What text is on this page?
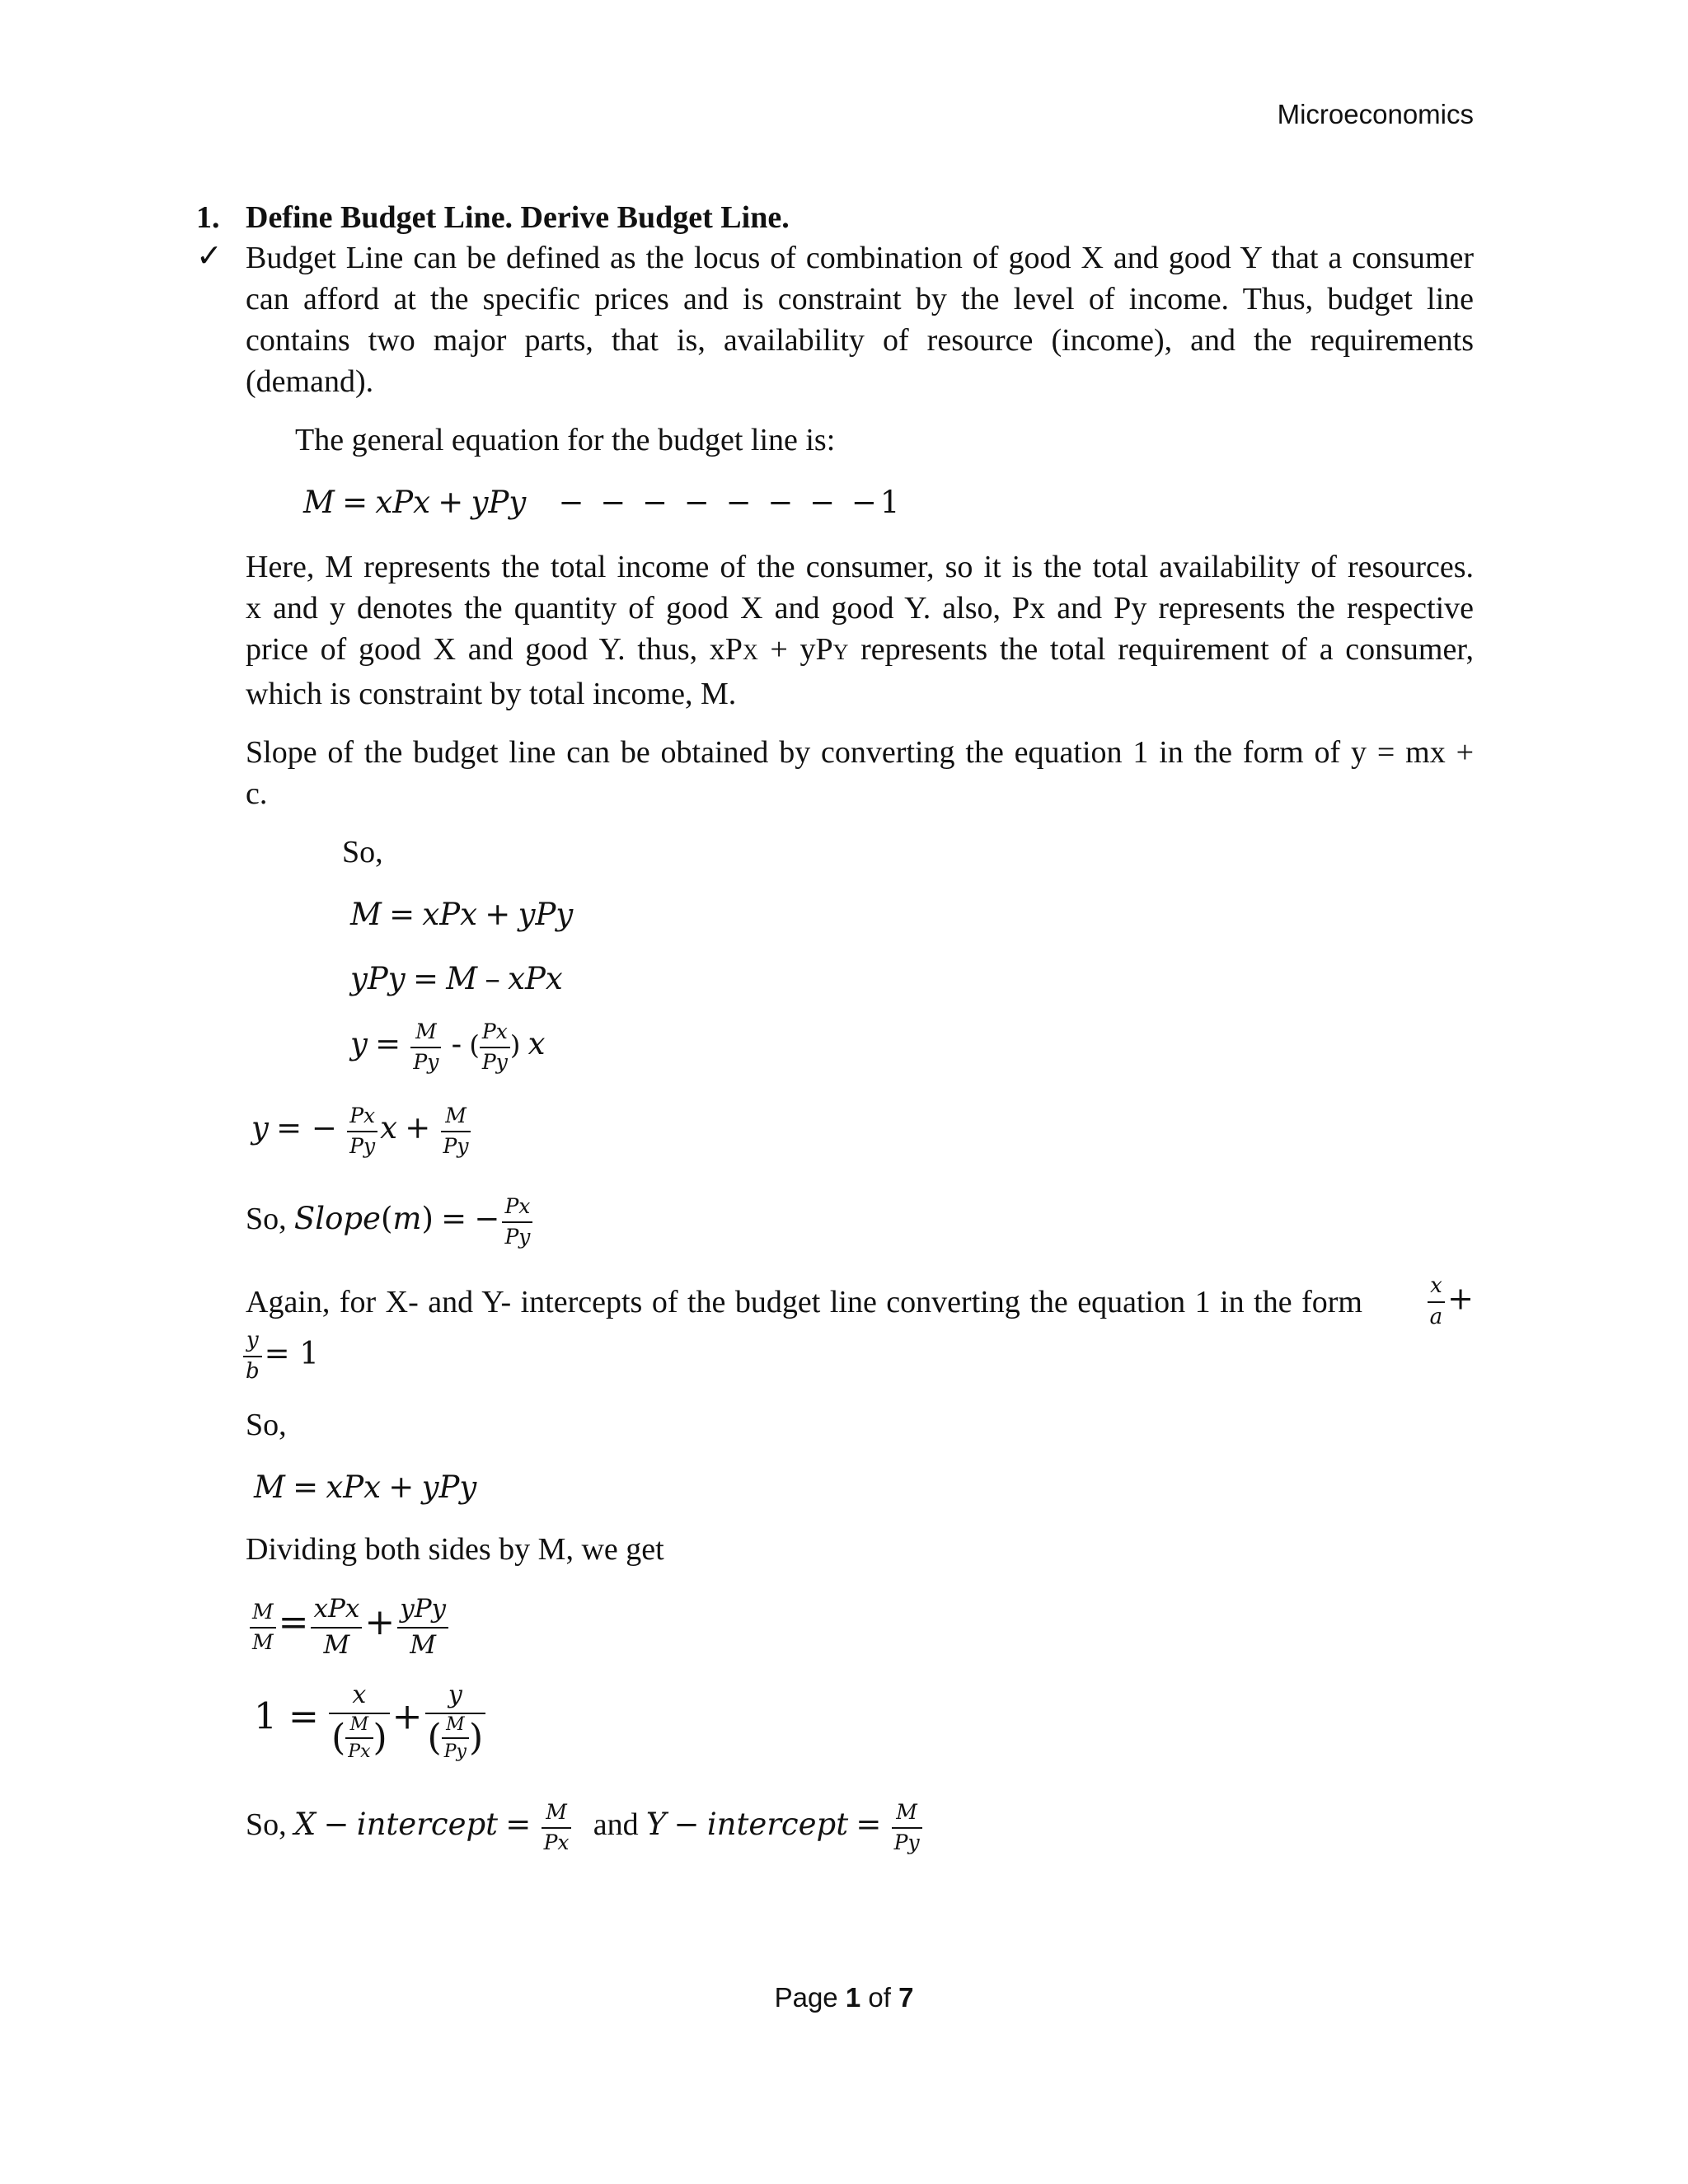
Microeconomics
1. Define Budget Line. Derive Budget Line.
✓ Budget Line can be defined as the locus of combination of good X and good Y that a consumer
can afford at the specific prices and is constraint by the level of income. Thus, budget line
contains two major parts, that is, availability of resource (income), and the requirements
(demand).
The general equation for the budget line is:
M = xPx + yPy − − − − − − − −1
Here, M represents the total income of the consumer, so it is the total availability of resources.
x and y denotes the quantity of good X and good Y. also, Px and Py represents the respective
price of good X and good Y. thus, xPX + yPY represents the total requirement of a consumer,
which is constraint by total income, M.
Slope of the budget line can be obtained by converting the equation 1 in the form of y = mx +
c.
So,
M = xPx + yPy
yPy = M – xPx
$y = \frac{M}{Py}$ - ( $\frac{Px}{Py}$ ) x
y = − $\frac{Px}{Py}$ $x + \frac{M}{Py}$
So, Slope(m) = − $\frac{Px}{Py}$
Again, for X- and Y- intercepts of the budget line converting the equation 1 in the form	$\frac{x}{a}$ +
$\frac{y}{b} = 1$
So,
M = xPx + yPy
Dividing both sides by M, we get
$\frac{M}{M} = \frac{\text{xPx}}{M} + \frac{\text{yPy}}{M}$
$1 = \frac{x}{( \frac{M}{Px} )} + \frac{y}{( \frac{M}{Py} )}$
So, X − intercept = $\frac{M}{Px}$ and Y − intercept = $\frac{M}{Py}$
Page 1 of 7
